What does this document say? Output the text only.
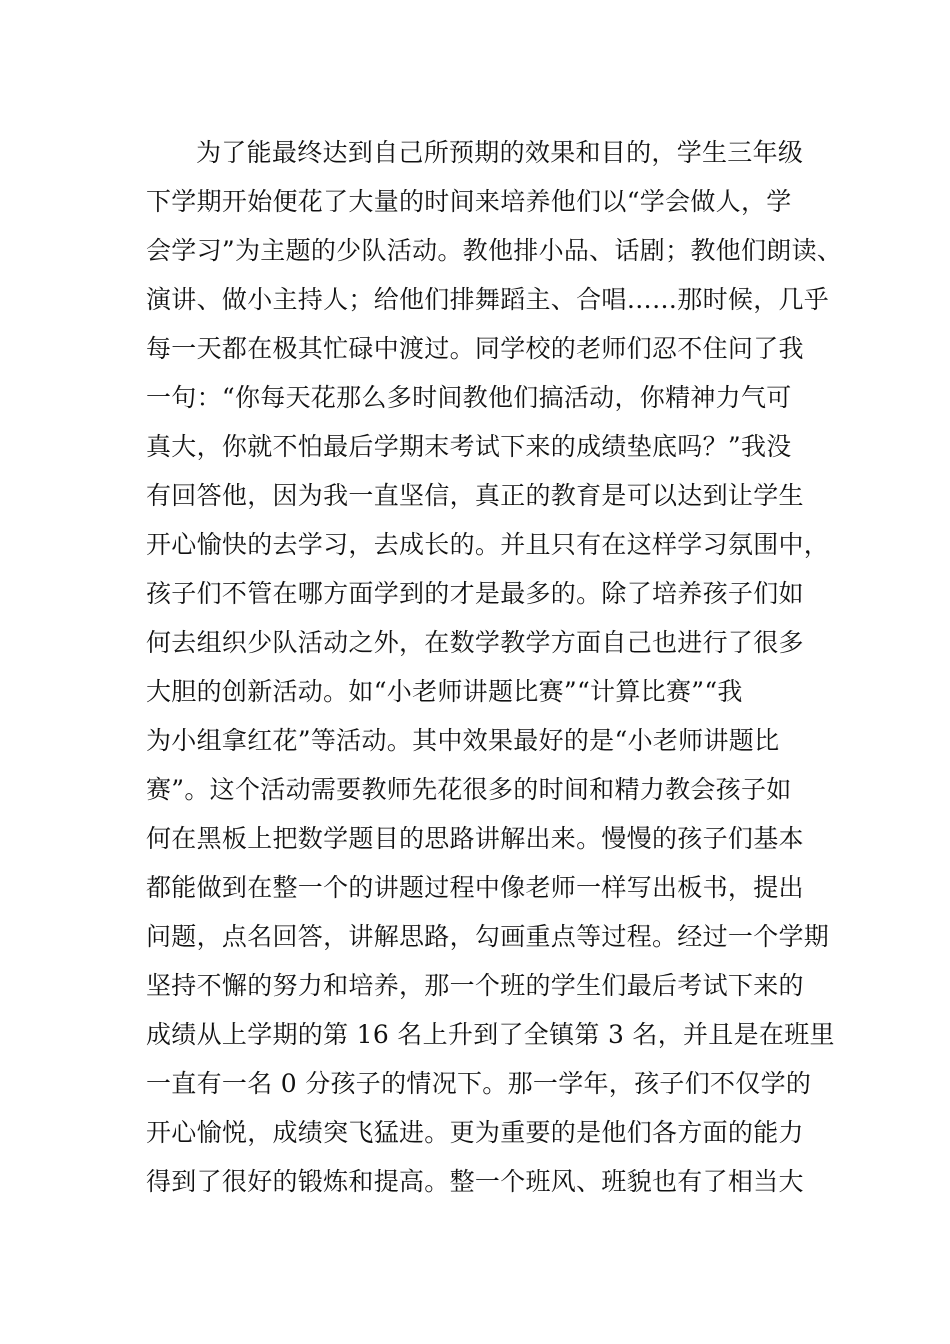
为了能最终达到自己所预期的效果和目的，学生三年级
下学期开始便花了大量的时间来培养他们以“学会做人，学
会学习”为主题的少队活动。教他排小品、话剧；教他们朗读、
演讲、做小主持人；给他们排舞蹈主、合唱……那时候，几乎
每一天都在极其忙碌中渡过。同学校的老师们忍不住问了我
一句：“你每天花那么多时间教他们搞活动，你精神力气可
真大，你就不怕最后学期末考试下来的成绩垫底吗？”我没
有回答他，因为我一直坚信，真正的教育是可以达到让学生
开心愉快的去学习，去成长的。并且只有在这样学习氛围中，
孩子们不管在哪方面学到的才是最多的。除了培养孩子们如
何去组织少队活动之外，在数学教学方面自己也进行了很多
大胆的创新活动。如“小老师讲题比赛”“计算比赛”“我
为小组拿红花”等活动。其中效果最好的是“小老师讲题比
赛”。这个活动需要教师先花很多的时间和精力教会孩子如
何在黑板上把数学题目的思路讲解出来。慢慢的孩子们基本
都能做到在整一个的讲题过程中像老师一样写出板书，提出
问题，点名回答，讲解思路，勾画重点等过程。经过一个学期
坚持不懈的努力和培养，那一个班的学生们最后考试下来的
成绩从上学期的第 16 名上升到了全镇第 3 名，并且是在班里
一直有一名 0 分孩子的情况下。那一学年，孩子们不仅学的
开心愉悦，成绩突飞猛进。更为重要的是他们各方面的能力
得到了很好的锻炼和提高。整一个班风、班貌也有了相当大
